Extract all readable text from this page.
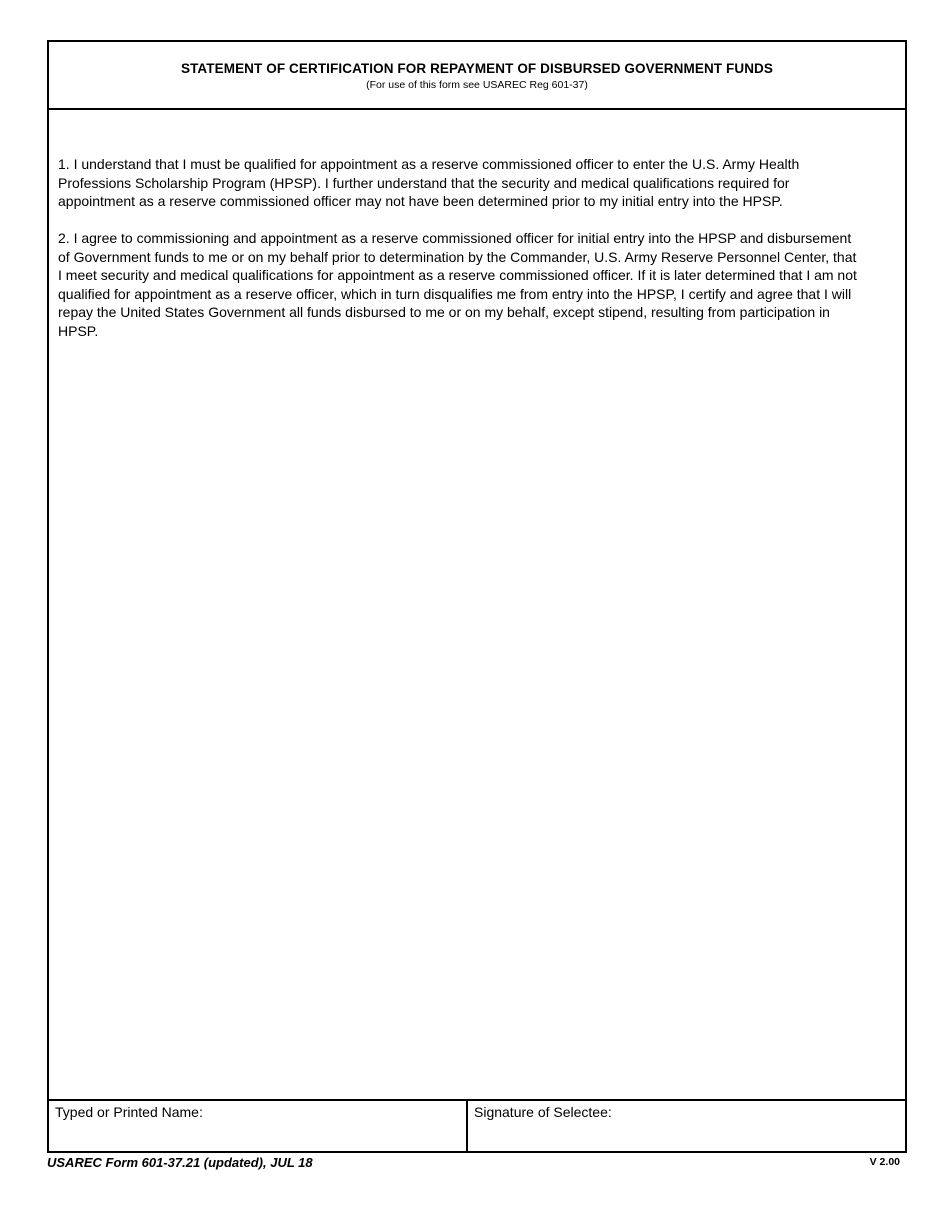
STATEMENT OF CERTIFICATION FOR REPAYMENT OF DISBURSED GOVERNMENT FUNDS
(For use of this form see USAREC Reg 601-37)

1. I understand that I must be qualified for appointment as a reserve commissioned officer to enter the U.S. Army Health Professions Scholarship Program (HPSP). I further understand that the security and medical qualifications required for appointment as a reserve commissioned officer may not have been determined prior to my initial entry into the HPSP.

2. I agree to commissioning and appointment as a reserve commissioned officer for initial entry into the HPSP and disbursement of Government funds to me or on my behalf prior to determination by the Commander, U.S. Army Reserve Personnel Center, that I meet security and medical qualifications for appointment as a reserve commissioned officer. If it is later determined that I am not qualified for appointment as a reserve officer, which in turn disqualifies me from entry into the HPSP, I certify and agree that I will repay the United States Government all funds disbursed to me or on my behalf, except stipend, resulting from participation in HPSP.

Typed or Printed Name:	Signature of Selectee:
USAREC Form 601-37.21 (updated), JUL 18	V 2.00
